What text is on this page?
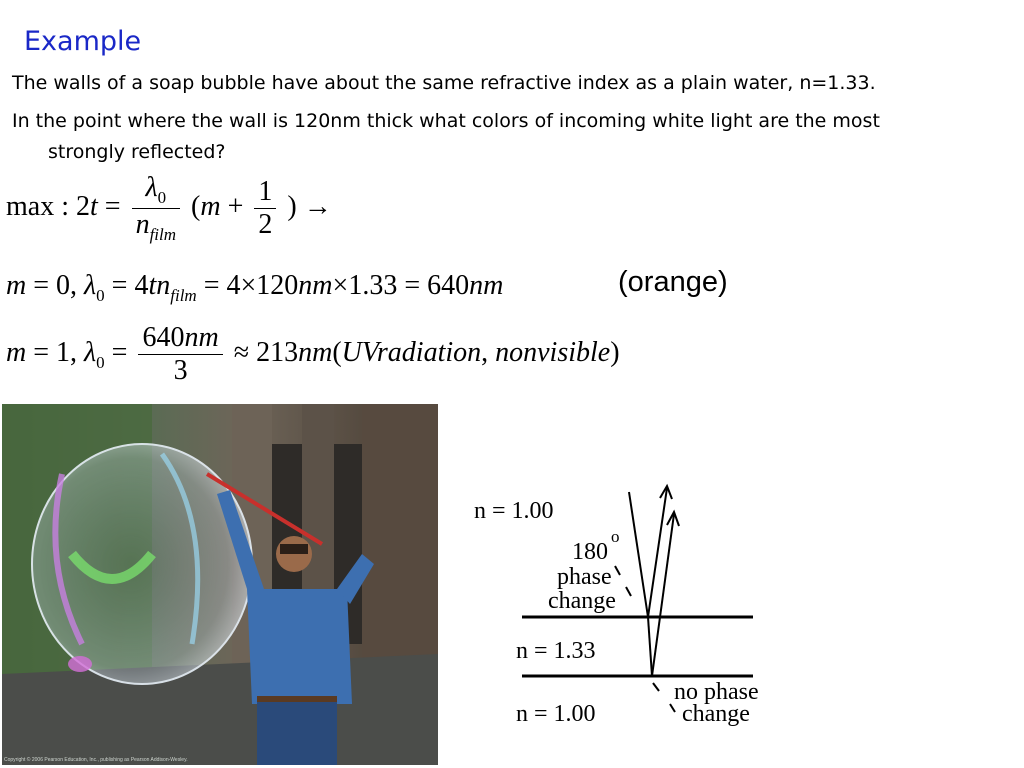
Example
The walls of a soap bubble have about the same refractive index as a plain water, n=1.33.
In the point where the wall is 120nm thick what colors of incoming white light are the most
strongly reflected?
max : $2t = \frac{\lambda_0}{n_{film}} (m + \frac{1}{2}$ ) →
m = 0, $\lambda_0 = 4tn_{film} = 4\times 120nm\times 1.33 = 640nm$	(orange)
m = 1, $\lambda_0 = \frac{640nm}{3}$ ≈ 213nm(UVradiation, nonvisible)
Copyright © 2006 Pearson Education, Inc., publishing as Pearson Addison-Wesley.
n = 1.00
180
o
phase
change
n = 1.33
n = 1.00
no phase
change
